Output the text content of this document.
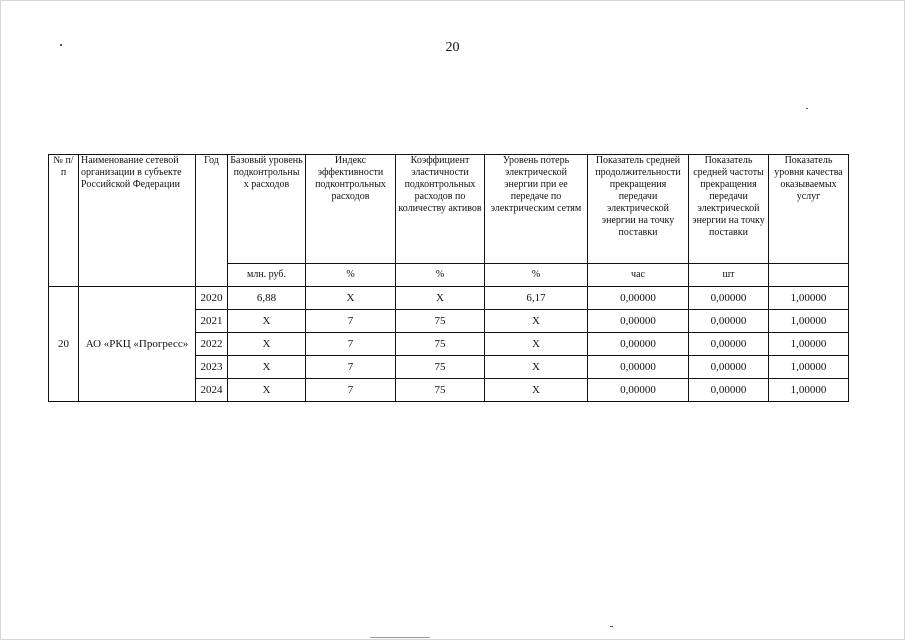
20
№ п/п	Наименование сетевой организации в субъекте Российской Федерации	Год	Базовый уровень подконтрольны х расходов	Индекс эффективности подконтрольных расходов	Коэффициент эластичности подконтрольных расходов по количеству активов	Уровень потерь электрической энергии при ее передаче по электрическим сетям	Показатель средней продолжительности прекращения передачи электрической энергии на точку поставки	Показатель средней частоты прекращения передачи электрической энергии на точку поставки	Показатель уровня качества оказываемых услуг
			млн. руб.	%	%	%	час	шт	
20	АО «РКЦ «Прогресс»	2020	6,88	X	X	6,17	0,00000	0,00000	1,00000
		2021	X	7	75	X	0,00000	0,00000	1,00000
		2022	X	7	75	X	0,00000	0,00000	1,00000
		2023	X	7	75	X	0,00000	0,00000	1,00000
		2024	X	7	75	X	0,00000	0,00000	1,00000
